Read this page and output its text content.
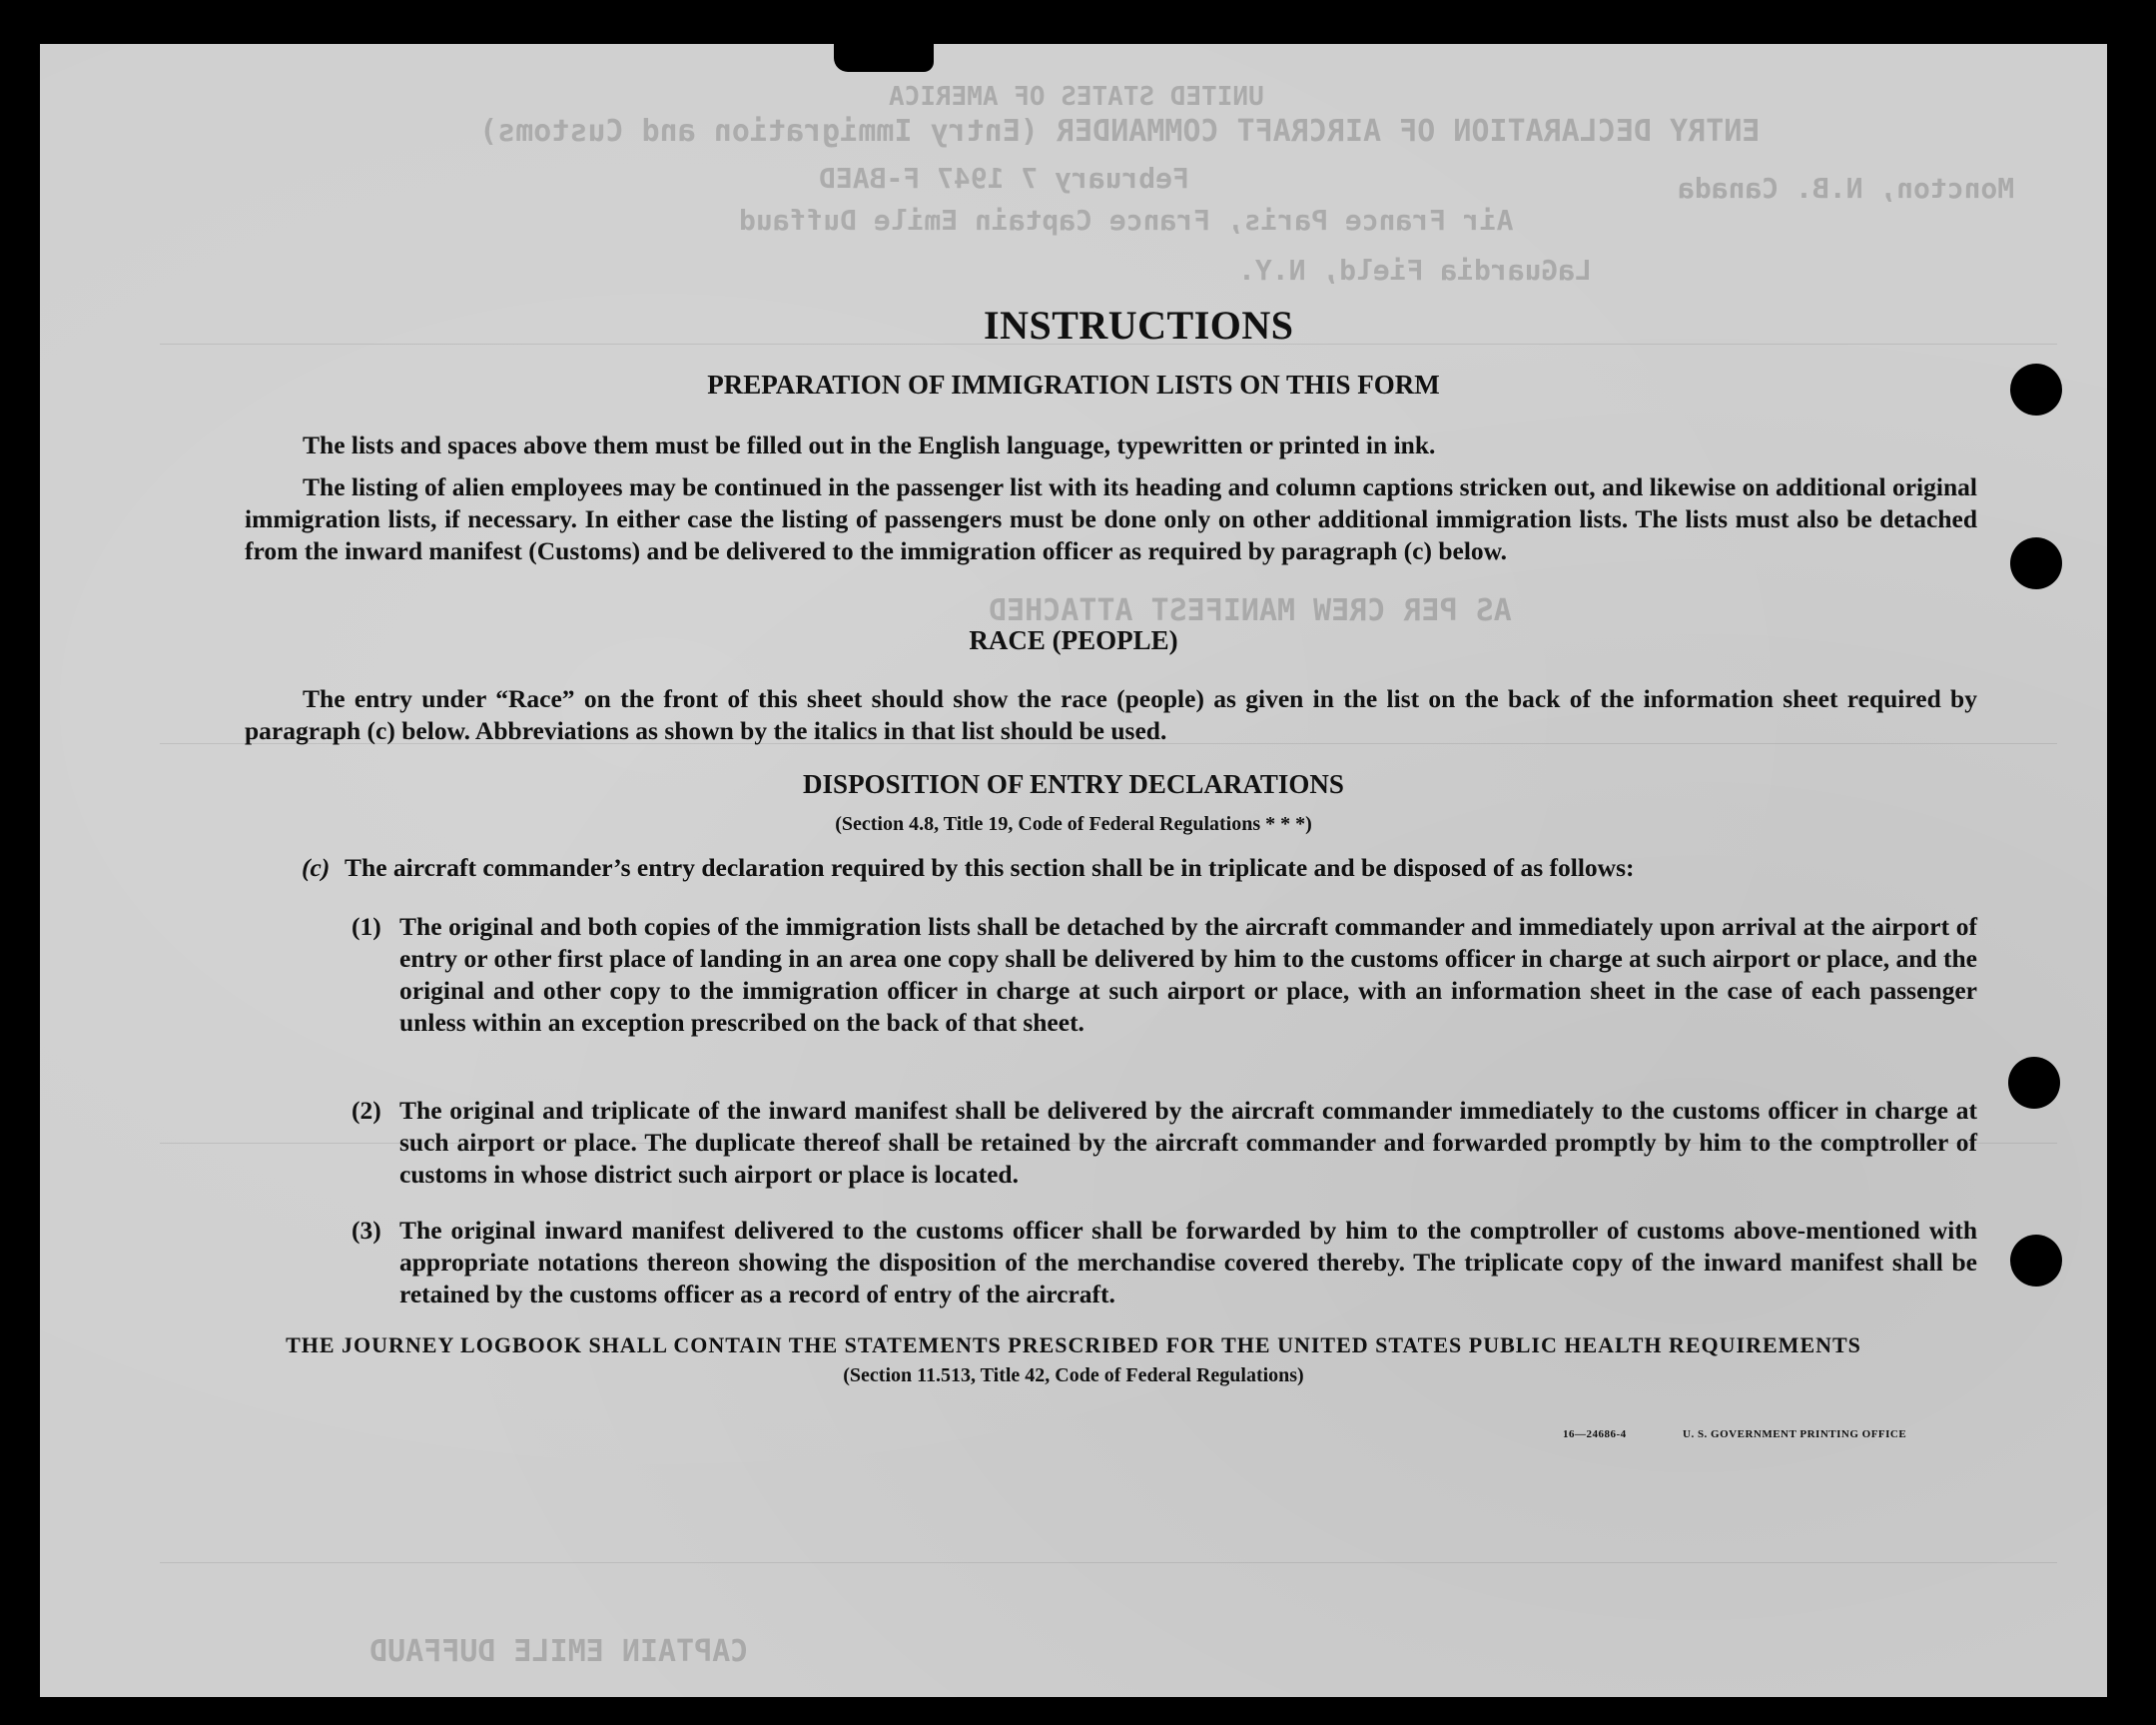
UNITED STATES OF AMERICA
ENTRY DECLARATION OF AIRCRAFT COMMANDER (Entry Immigration and Customs)
February 7 1947 F-BAED	Moncton, N.B. Canada
Air France Paris, France Captain Emile Duffaud
LaGuardia Field, N.Y.
AS PER CREW MANIFEST ATTACHED
CAPTAIN EMILE DUFFAUD
INSTRUCTIONS
PREPARATION OF IMMIGRATION LISTS ON THIS FORM

The lists and spaces above them must be filled out in the English language, typewritten or printed in ink.

The listing of alien employees may be continued in the passenger list with its heading and column captions stricken out, and likewise on additional original immigration lists, if necessary. In either case the listing of passengers must be done only on other additional immigration lists. The lists must also be detached from the inward manifest (Customs) and be delivered to the immigration officer as required by paragraph (c) below.

RACE (PEOPLE)

The entry under “Race” on the front of this sheet should show the race (people) as given in the list on the back of the information sheet required by paragraph (c) below. Abbreviations as shown by the italics in that list should be used.

DISPOSITION OF ENTRY DECLARATIONS
(Section 4.8, Title 19, Code of Federal Regulations * * *)
(c) The aircraft commander’s entry declaration required by this section shall be in triplicate and be disposed of as follows:
(1) The original and both copies of the immigration lists shall be detached by the aircraft commander and immediately upon arrival at the airport of entry or other first place of landing in an area one copy shall be delivered by him to the customs officer in charge at such airport or place, and the original and other copy to the immigration officer in charge at such airport or place, with an information sheet in the case of each passenger unless within an exception prescribed on the back of that sheet.
(2) The original and triplicate of the inward manifest shall be delivered by the aircraft commander immediately to the customs officer in charge at such airport or place. The duplicate thereof shall be retained by the aircraft commander and forwarded promptly by him to the comptroller of customs in whose district such airport or place is located.
(3) The original inward manifest delivered to the customs officer shall be forwarded by him to the comptroller of customs above-mentioned with appropriate notations thereon showing the disposition of the merchandise covered thereby. The triplicate copy of the inward manifest shall be retained by the customs officer as a record of entry of the aircraft.
THE JOURNEY LOGBOOK SHALL CONTAIN THE STATEMENTS PRESCRIBED FOR THE UNITED STATES PUBLIC HEALTH REQUIREMENTS
(Section 11.513, Title 42, Code of Federal Regulations)
16—24686-4	U. S. GOVERNMENT PRINTING OFFICE
